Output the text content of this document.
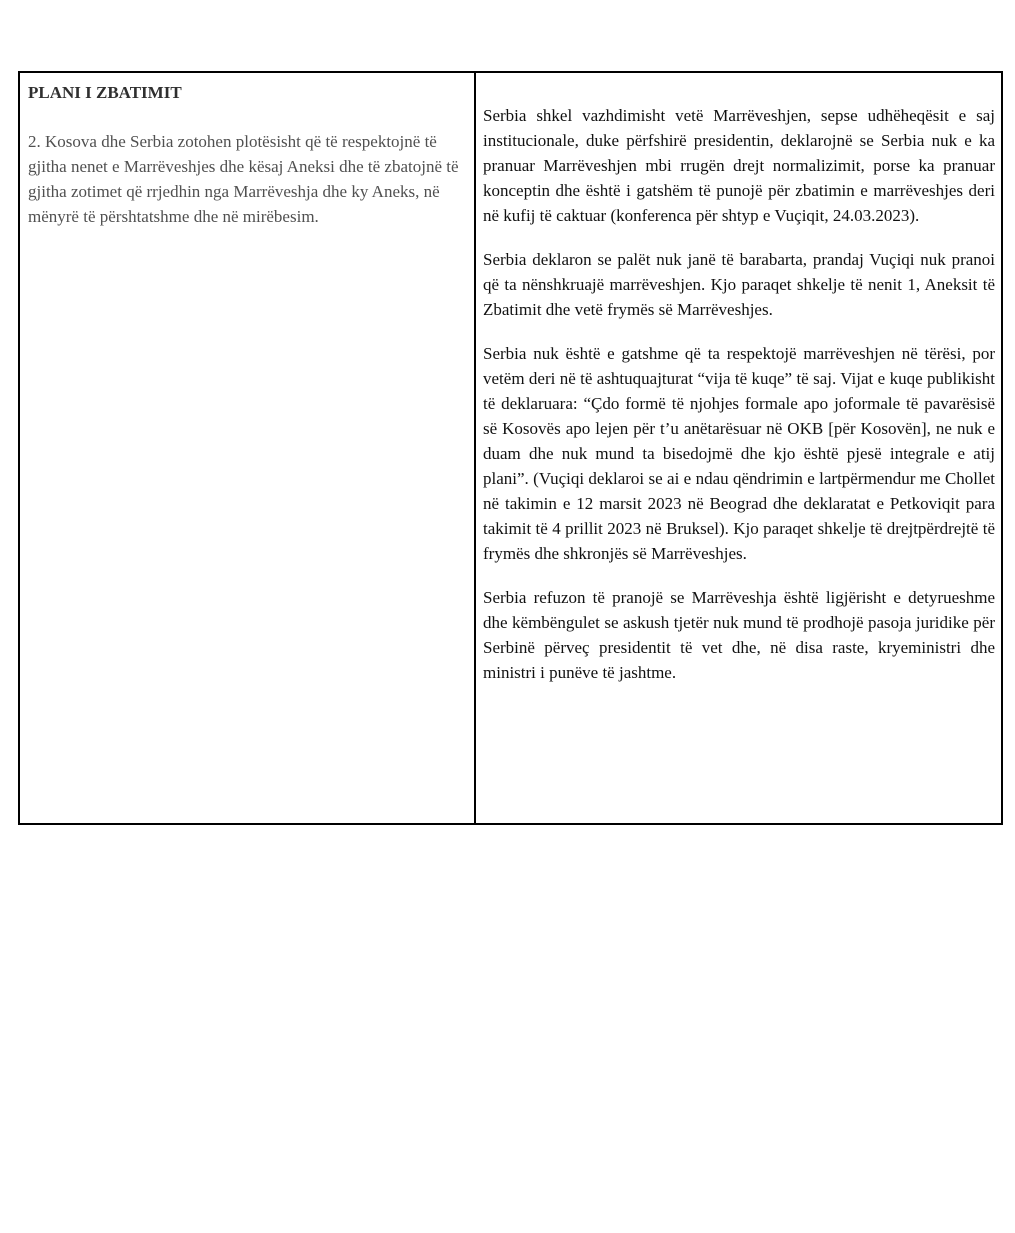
PLANI I ZBATIMIT

2. Kosova dhe Serbia zotohen plotësisht që të respektojnë të gjitha nenet e Marrëveshjes dhe kësaj Aneksi dhe të zbatojnë të gjitha zotimet që rrjedhin nga Marrëveshja dhe ky Aneks, në mënyrë të përshtatshme dhe në mirëbesim.

Serbia shkel vazhdimisht vetë Marrëveshjen, sepse udhëheqësit e saj institucionale, duke përfshirë presidentin, deklarojnë se Serbia nuk e ka pranuar Marrëveshjen mbi rrugën drejt normalizimit, porse ka pranuar konceptin dhe është i gatshëm të punojë për zbatimin e marrëveshjes deri në kufij të caktuar (konferenca për shtyp e Vuçiqit, 24.03.2023).

Serbia deklaron se palët nuk janë të barabarta, prandaj Vuçiqi nuk pranoi që ta nënshkruajë marrëveshjen. Kjo paraqet shkelje të nenit 1, Aneksit të Zbatimit dhe vetë frymës së Marrëveshjes.

Serbia nuk është e gatshme që ta respektojë marrëveshjen në tërësi, por vetëm deri në të ashtuquajturat “vija të kuqe” të saj. Vijat e kuqe publikisht të deklaruara: “Çdo formë të njohjes formale apo joformale të pavarësisë së Kosovës apo lejen për t’u anëtarësuar në OKB [për Kosovën], ne nuk e duam dhe nuk mund ta bisedojmë dhe kjo është pjesë integrale e atij plani”. (Vuçiqi deklaroi se ai e ndau qëndrimin e lartpërmendur me Chollet në takimin e 12 marsit 2023 në Beograd dhe deklaratat e Petkoviqit para takimit të 4 prillit 2023 në Bruksel). Kjo paraqet shkelje të drejtpërdrejtë të frymës dhe shkronjës së Marrëveshjes.

Serbia refuzon të pranojë se Marrëveshja është ligjërisht e detyrueshme dhe këmbëngulet se askush tjetër nuk mund të prodhojë pasoja juridike për Serbinë përveç presidentit të vet dhe, në disa raste, kryeministri dhe ministri i punëve të jashtme.
